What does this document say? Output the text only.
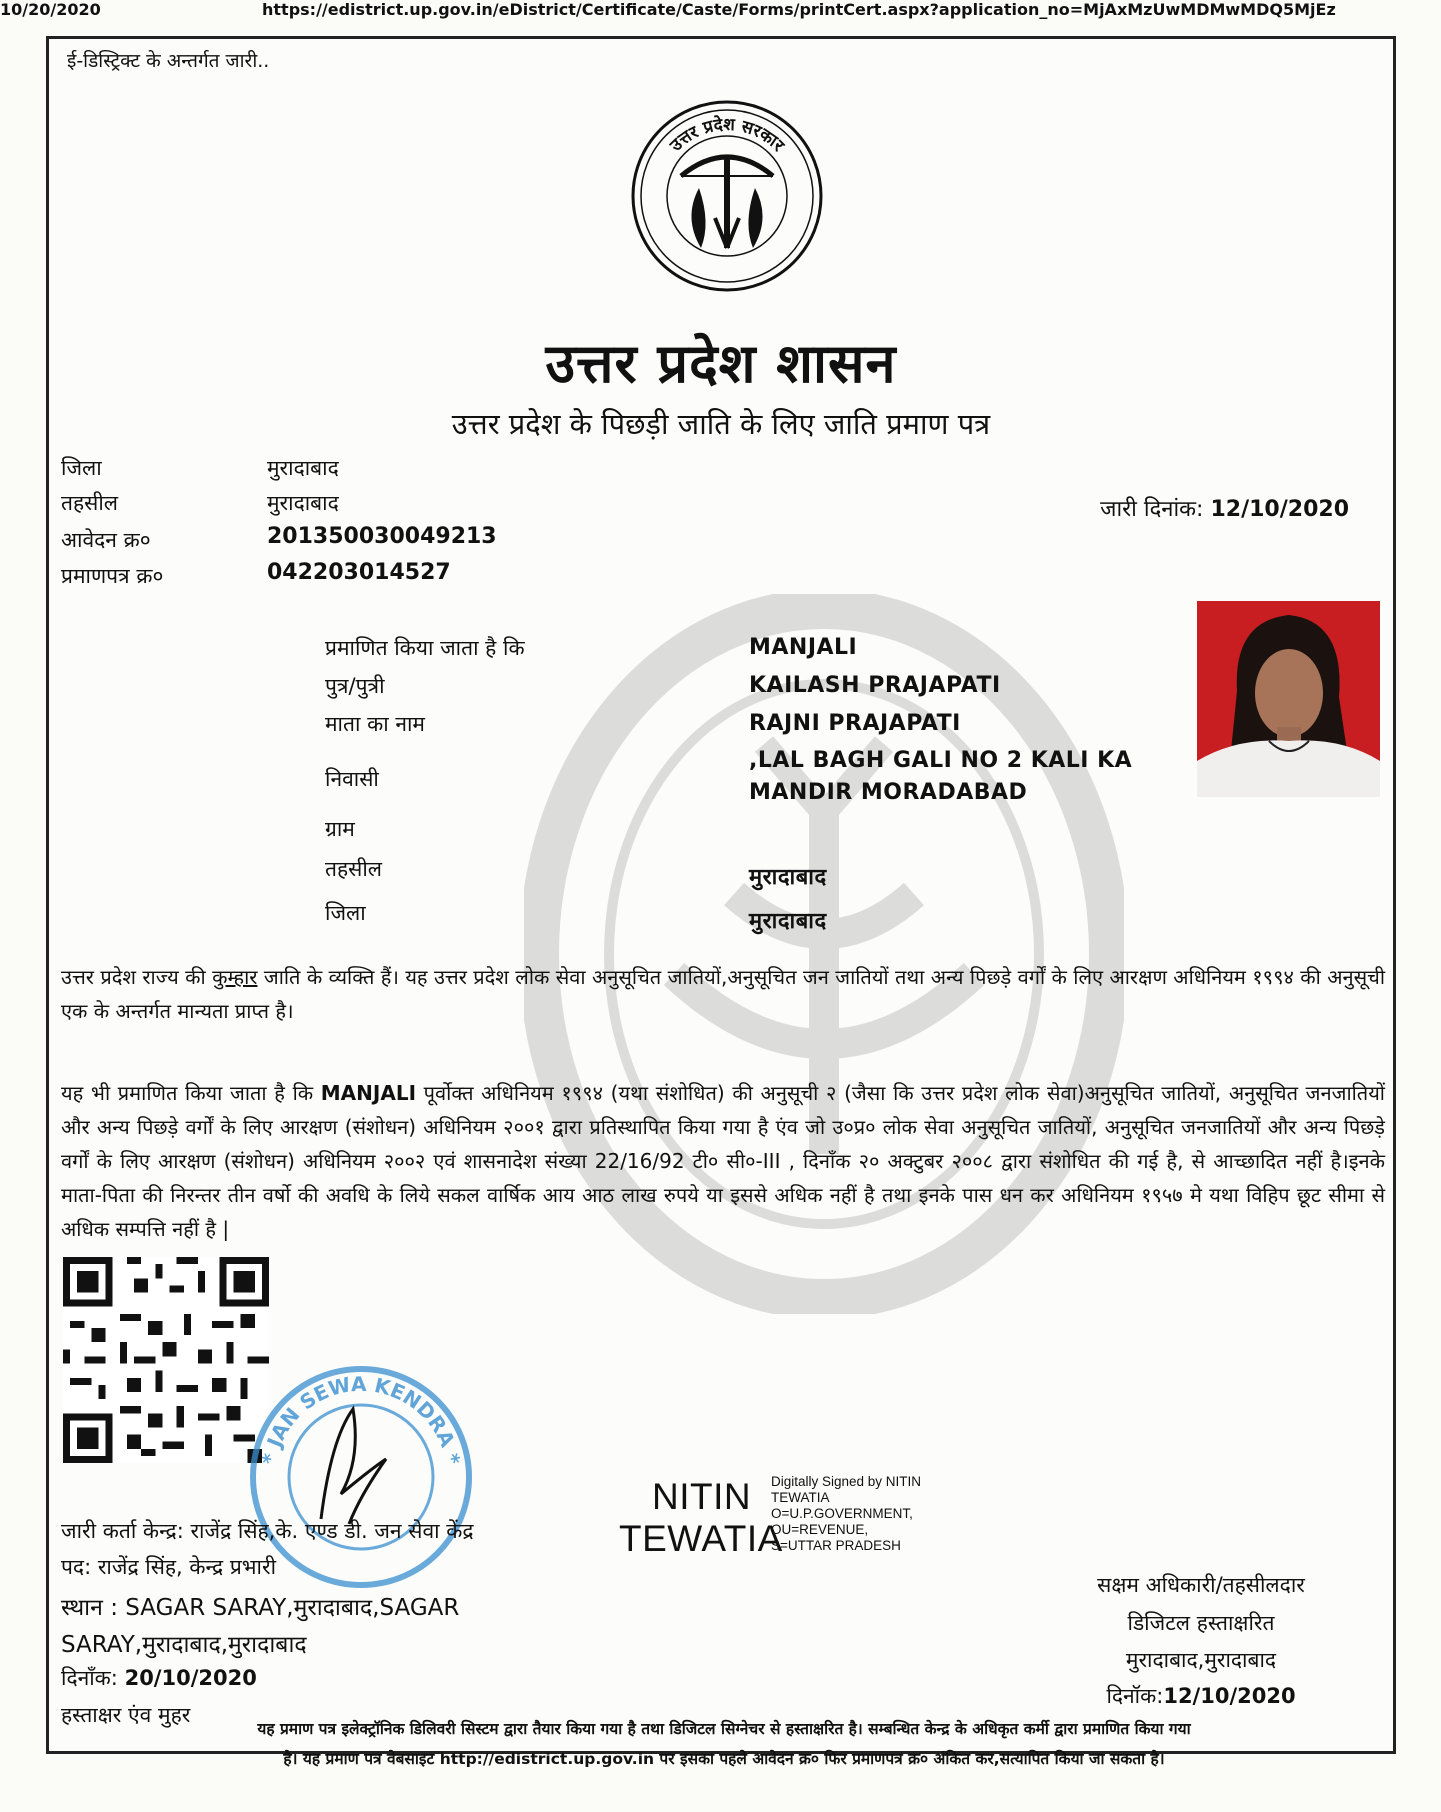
10/20/2020	https://edistrict.up.gov.in/eDistrict/Certificate/Caste/Forms/printCert.aspx?application_no=MjAxMzUwMDMwMDQ5MjEz
ई-डिस्ट्रिक्ट के अन्तर्गत जारी..
उत्तर प्रदेश सरकार
उत्तर प्रदेश शासन
उत्तर प्रदेश के पिछड़ी जाति के लिए जाति प्रमाण पत्र
जिला	मुरादाबाद
तहसील	मुरादाबाद
आवेदन क्र०	201350030049213
प्रमाणपत्र क्र०	042203014527
जारी दिनांक: 12/10/2020
प्रमाणित किया जाता है कि	MANJALI
पुत्र/पुत्री	KAILASH PRAJAPATI
माता का नाम	RAJNI PRAJAPATI
निवासी
,LAL BAGH GALI NO 2 KALI KA MANDIR MORADABAD
ग्राम
तहसील	मुरादाबाद
जिला	मुरादाबाद
उत्तर प्रदेश राज्य की कुम्हार जाति के व्यक्ति हैं। यह उत्तर प्रदेश लोक सेवा अनुसूचित जातियों,अनुसूचित जन जातियों तथा अन्य पिछड़े वर्गों के लिए आरक्षण अधिनियम १९९४ की अनुसूची एक के अन्तर्गत मान्यता प्राप्त है।
यह भी प्रमाणित किया जाता है कि MANJALI पूर्वोक्त अधिनियम १९९४ (यथा संशोधित) की अनुसूची २ (जैसा कि उत्तर प्रदेश लोक सेवा)अनुसूचित जातियों, अनुसूचित जनजातियों और अन्य पिछड़े वर्गों के लिए आरक्षण (संशोधन) अधिनियम २००१ द्वारा प्रतिस्थापित किया गया है एंव जो उ०प्र० लोक सेवा अनुसूचित जातियों, अनुसूचित जनजातियों और अन्य पिछड़े वर्गों के लिए आरक्षण (संशोधन) अधिनियम २००२ एवं शासनादेश संख्या 22/16/92 टी० सी०-III , दिनाँक २० अक्टुबर २००८ द्वारा संशोधित की गई है, से आच्छादित नहीं है।इनके माता-पिता की निरन्तर तीन वर्षो की अवधि के लिये सकल वार्षिक आय आठ लाख रुपये या इससे अधिक नहीं है तथा इनके पास धन कर अधिनियम १९५७ मे यथा विहिप छूट सीमा से अधिक सम्पत्ति नहीं है |
* JAN SEWA KENDRA *
जारी कर्ता केन्द्र: राजेंद्र सिंह,के. एण्ड डी. जन सेवा केंद्र
पद: राजेंद्र सिंह, केन्द्र प्रभारी
स्थान : SAGAR SARAY,मुरादाबाद,SAGAR
SARAY,मुरादाबाद,मुरादाबाद
दिनाँक: 20/10/2020
हस्ताक्षर एंव मुहर
NITIN
TEWATIA
Digitally Signed by NITIN
TEWATIA
O=U.P.GOVERNMENT,
OU=REVENUE,
S=UTTAR PRADESH
सक्षम अधिकारी/तहसीलदार
डिजिटल हस्ताक्षरित
मुरादाबाद,मुरादाबाद
दिनॉक:12/10/2020
यह प्रमाण पत्र इलेक्ट्रॉनिक डिलिवरी सिस्टम द्वारा तैयार किया गया है तथा डिजिटल सिग्नेचर से हस्ताक्षरित है। सम्बन्धित केन्द्र के अधिकृत कर्मी द्वारा प्रमाणित किया गया
है। यह प्रमाण पत्र वेबसाइट http://edistrict.up.gov.in पर इसका पहले आवेदन क्र० फिर प्रमाणपत्र क्र० अंकित कर,सत्यापित किया जा सकता है।
